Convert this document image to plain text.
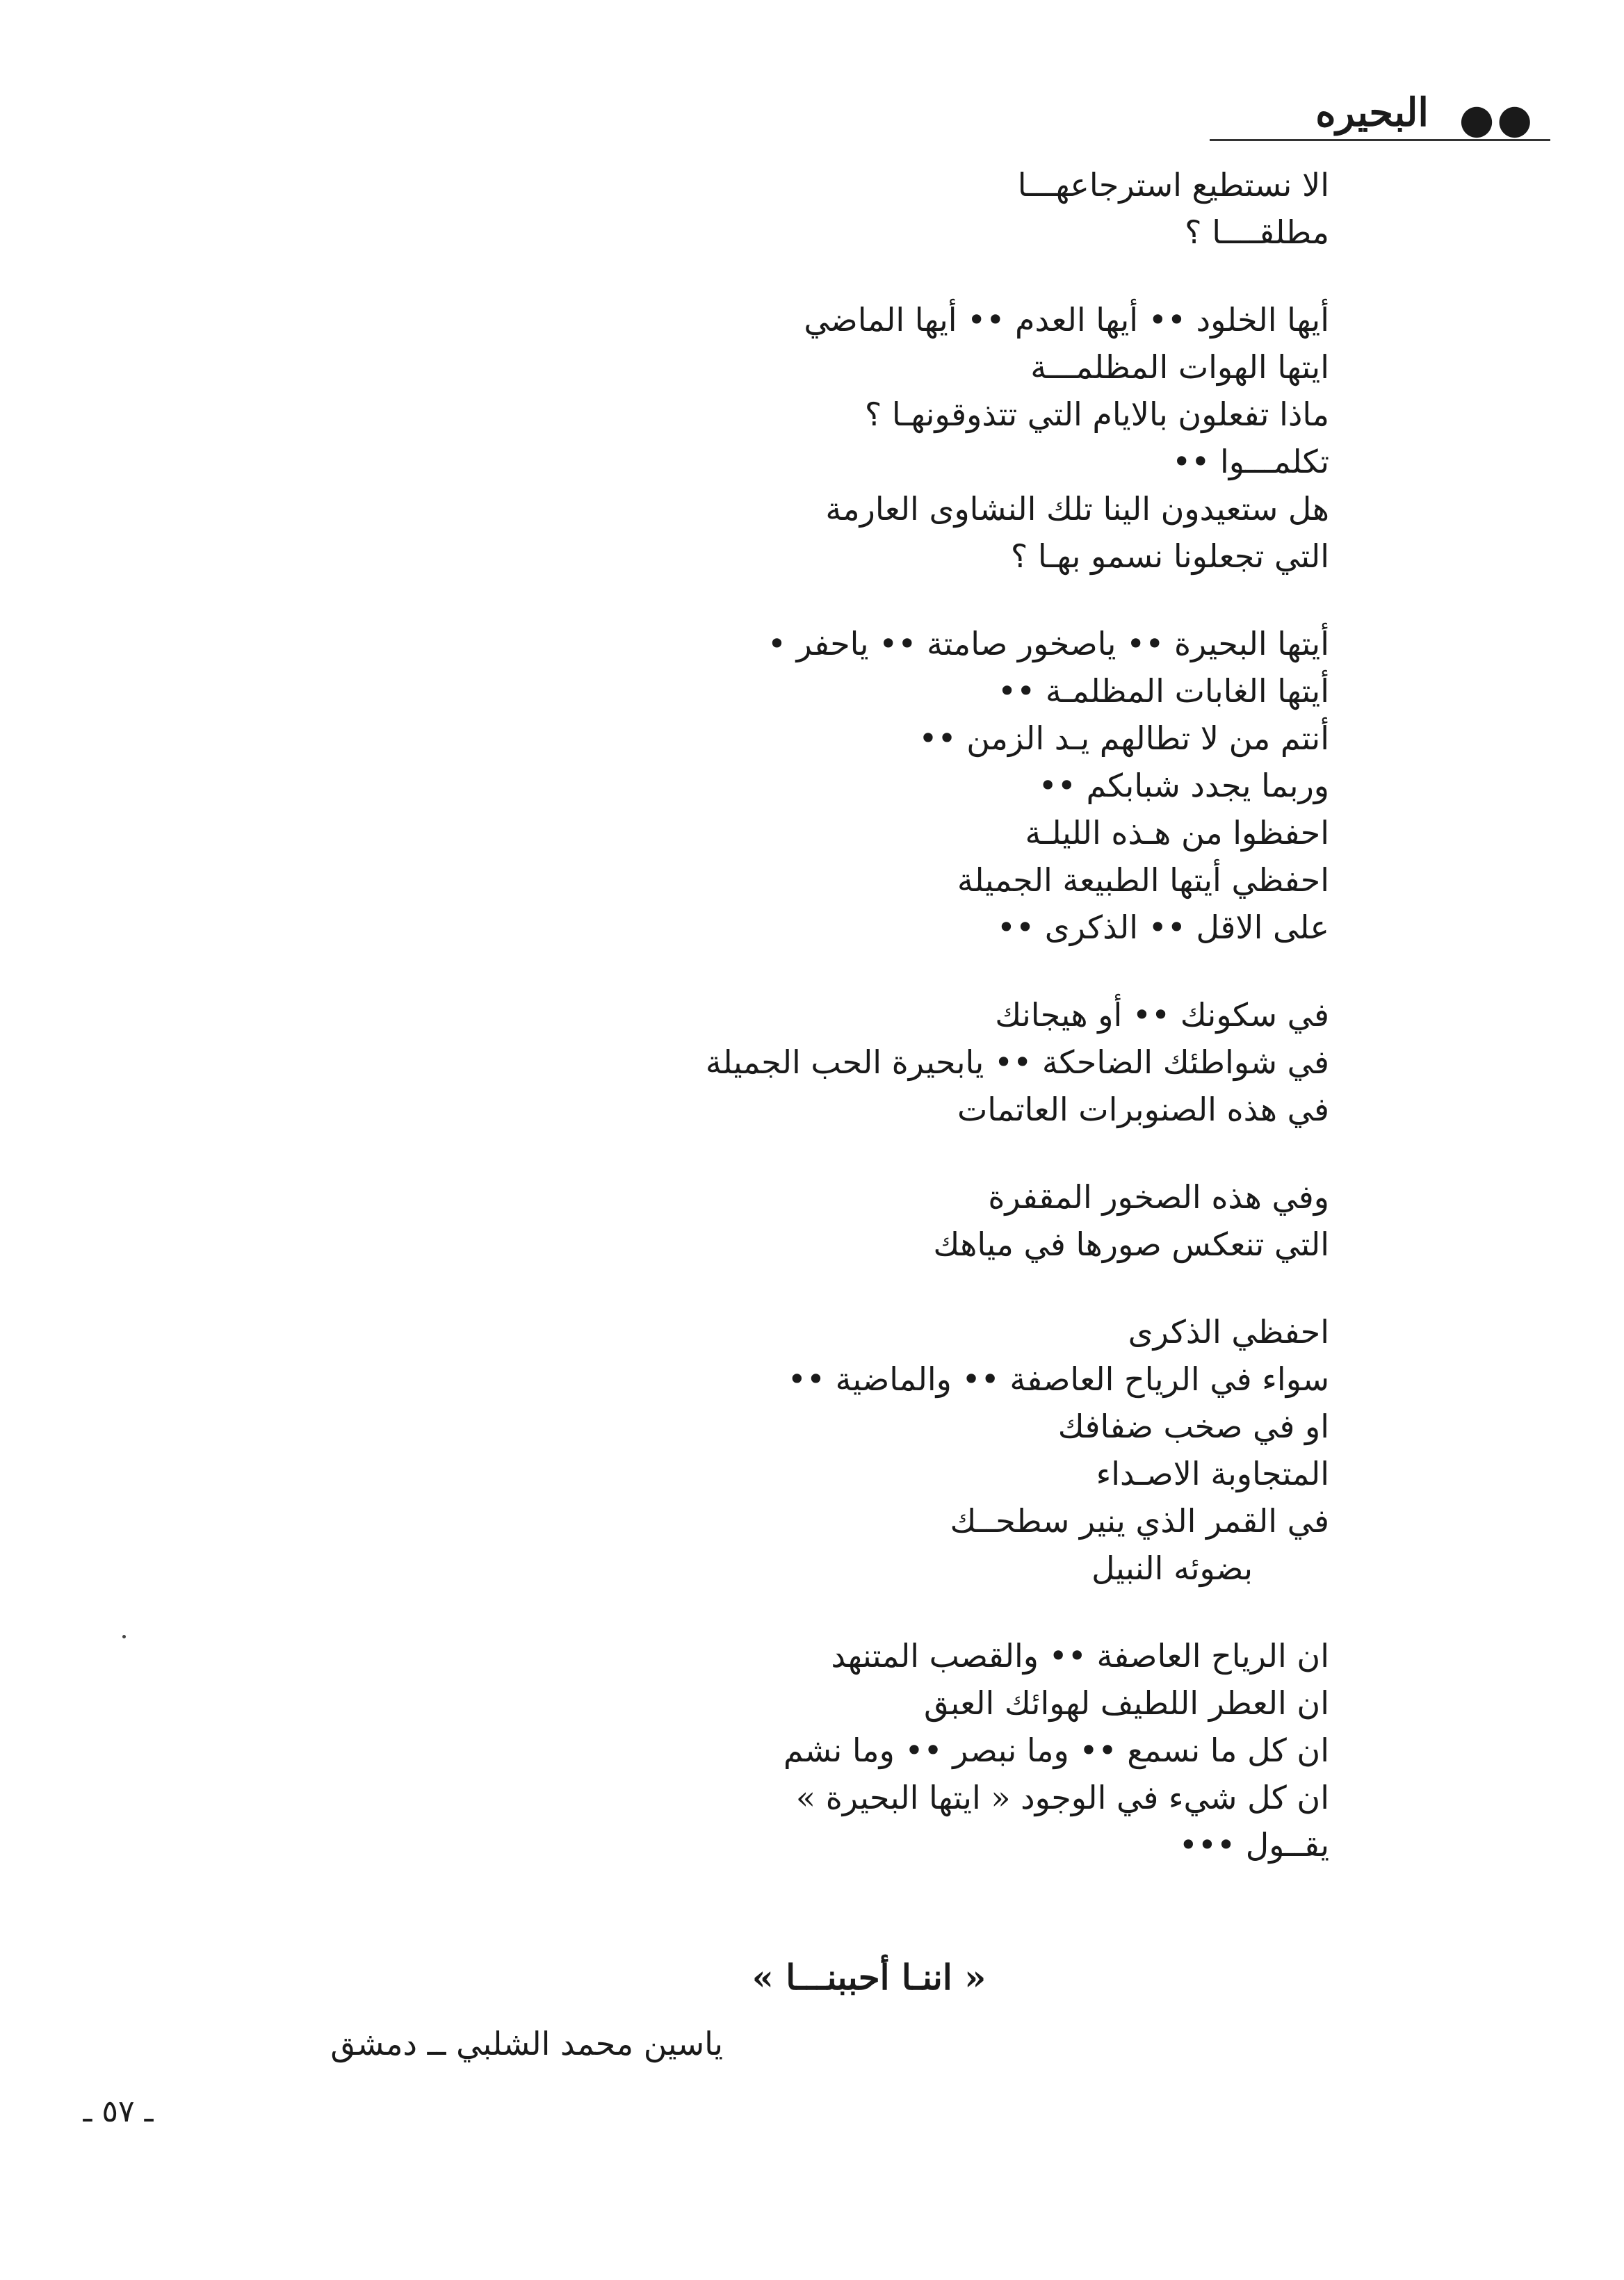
●●
البحيره
الا نستطيع استرجاعهـــا
مطلقــــا ؟
أيها الخلود •• أيها العدم •• أيها الماضي
ايتها الهوات المظلمـــة
ماذا تفعلون بالايام التي تتذوقونهـا ؟
تكلمـــوا ••
هل ستعيدون الينا تلك النشاوى العارمة
التي تجعلونا نسمو بهـا ؟
أيتها البحيرة •• ياصخور صامتة •• ياحفر •
أيتها الغابات المظلمـة ••
أنتم من لا تطالهم يـد الزمن ••
وربما يجدد شبابكم ••
احفظوا من هـذه الليلـة
احفظي أيتها الطبيعة الجميلة
على الاقل •• الذكرى ••
في سكونك •• أو هيجانك
في شواطئك الضاحكة •• يابحيرة الحب الجميلة
في هذه الصنوبرات العاتمات
وفي هذه الصخور المقفرة
التي تنعكس صورها في مياهك
احفظي الذكرى
سواء في الرياح العاصفة •• والماضية ••
او في صخب ضفافك
المتجاوبة الاصـداء
في القمر الذي ينير سطحــك
بضوئه النبيل
ان الرياح العاصفة •• والقصب المتنهد
ان العطر اللطيف لهوائك العبق
ان كل ما نسمع •• وما نبصر •• وما نشم
ان كل شيء في الوجود « ايتها البحيرة »
يقــول •••
« اننـا أحببنـــا »
ياسين محمد الشلبي ــ دمشق
ـ ٥٧ ـ
